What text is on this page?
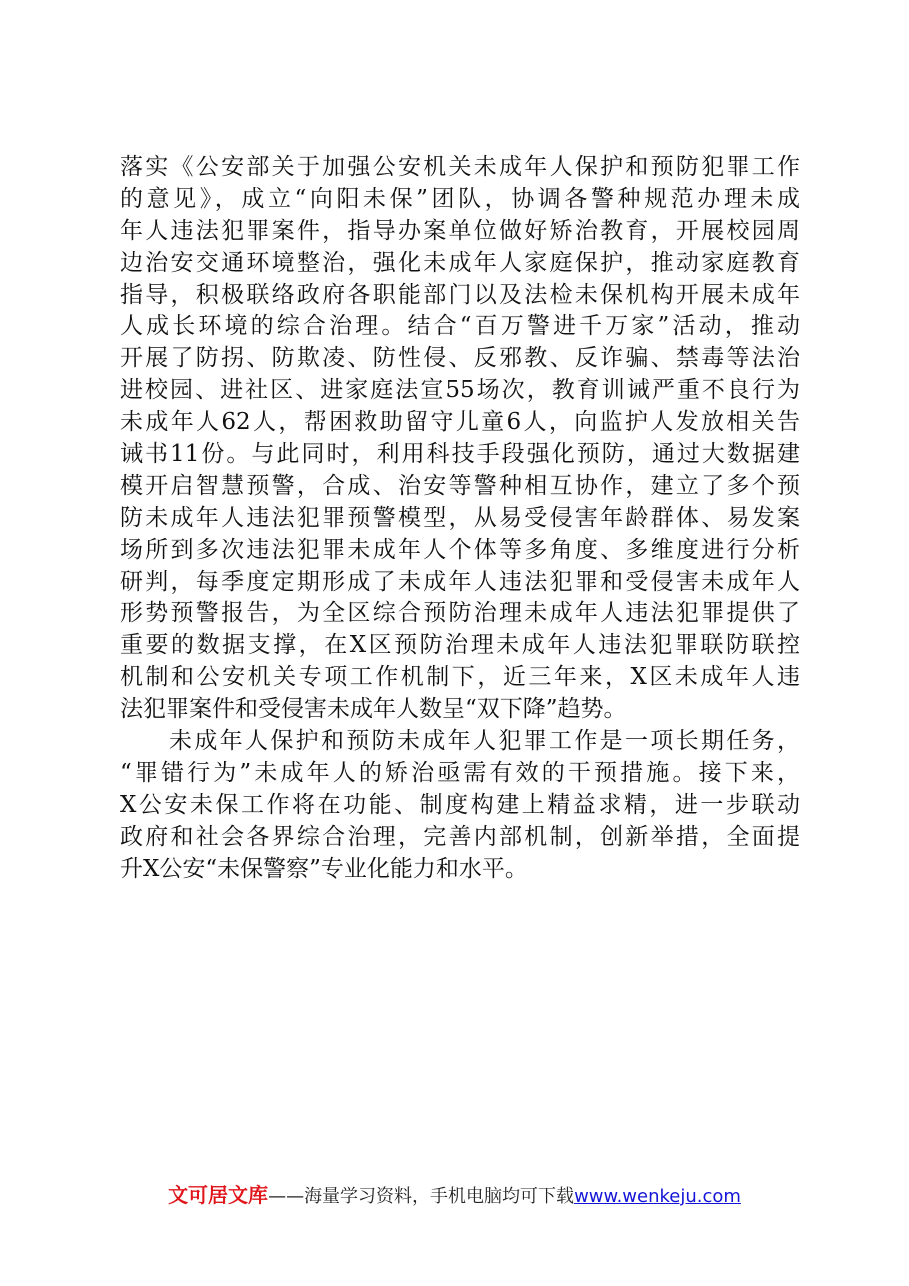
落实《公安部关于加强公安机关未成年人保护和预防犯罪工作
的意见》，成立“向阳未保”团队，协调各警种规范办理未成
年人违法犯罪案件，指导办案单位做好矫治教育，开展校园周
边治安交通环境整治，强化未成年人家庭保护，推动家庭教育
指导，积极联络政府各职能部门以及法检未保机构开展未成年
人成长环境的综合治理。结合“百万警进千万家”活动，推动
开展了防拐、防欺凌、防性侵、反邪教、反诈骗、禁毒等法治
进校园、进社区、进家庭法宣55场次，教育训诫严重不良行为
未成年人62人，帮困救助留守儿童6人，向监护人发放相关告
诫书11份。与此同时，利用科技手段强化预防，通过大数据建
模开启智慧预警，合成、治安等警种相互协作，建立了多个预
防未成年人违法犯罪预警模型，从易受侵害年龄群体、易发案
场所到多次违法犯罪未成年人个体等多角度、多维度进行分析
研判，每季度定期形成了未成年人违法犯罪和受侵害未成年人
形势预警报告，为全区综合预防治理未成年人违法犯罪提供了
重要的数据支撑，在X区预防治理未成年人违法犯罪联防联控
机制和公安机关专项工作机制下，近三年来，X区未成年人违
法犯罪案件和受侵害未成年人数呈“双下降”趋势。
未成年人保护和预防未成年人犯罪工作是一项长期任务，
“罪错行为”未成年人的矫治亟需有效的干预措施。接下来，
X公安未保工作将在功能、制度构建上精益求精，进一步联动
政府和社会各界综合治理，完善内部机制，创新举措，全面提
升X公安“未保警察”专业化能力和水平。
文可居文库——海量学习资料，手机电脑均可下载www.wenkeju.com
